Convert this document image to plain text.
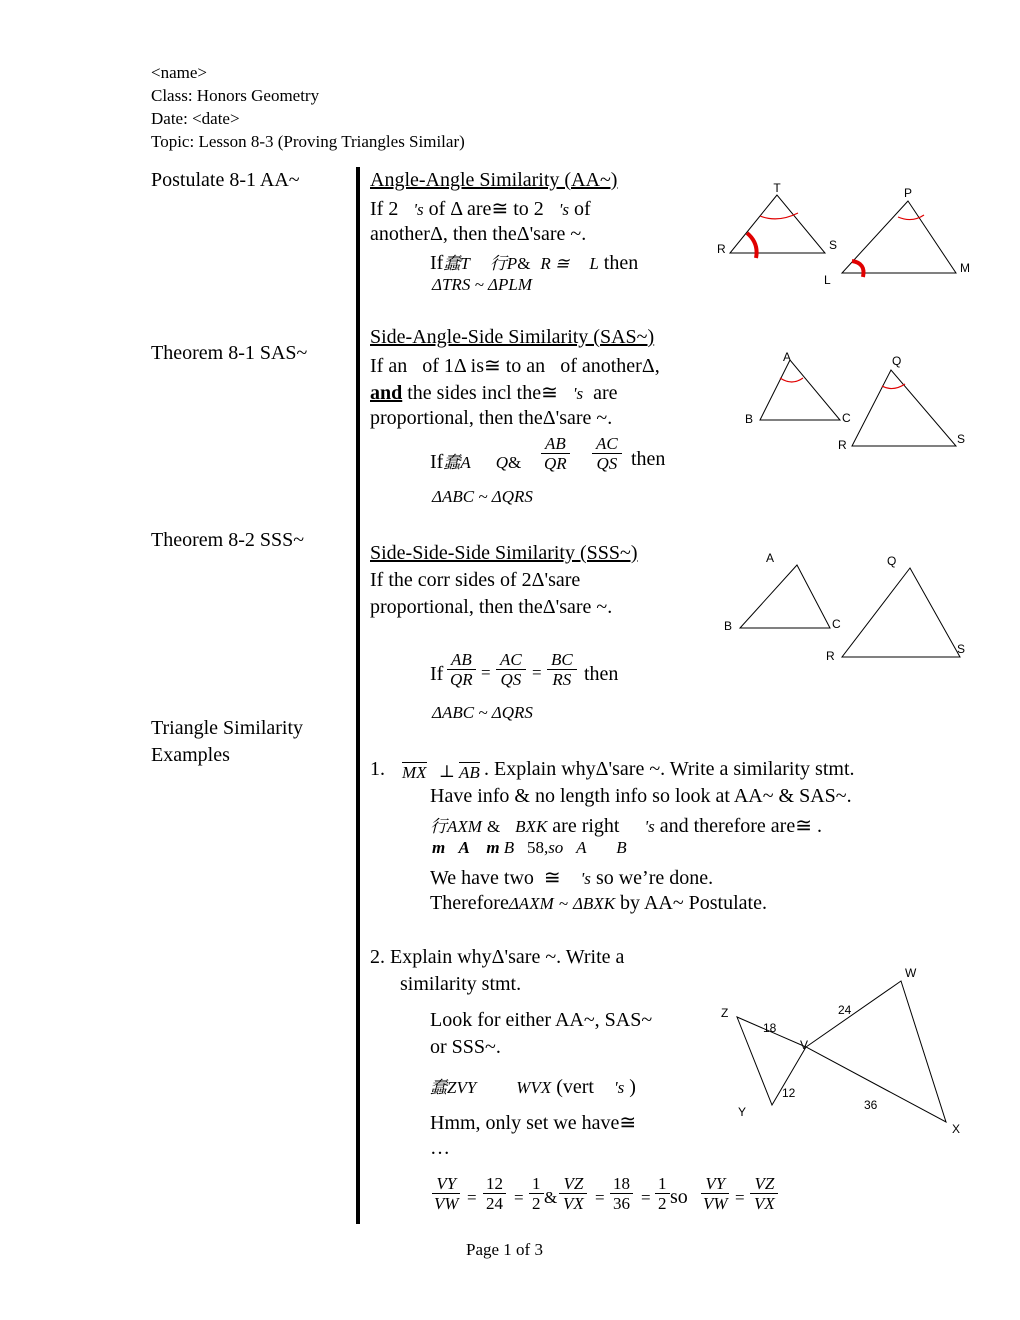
<name>
Class: Honors Geometry
Date: <date>
Topic: Lesson 8-3 (Proving Triangles Similar)
Postulate 8-1 AA~
Theorem 8-1 SAS~
Theorem 8-2 SSS~
Triangle Similarity
Examples
Angle-Angle Similarity (AA~)
If 2 's of Δ are≅ to 2 's of
anotherΔ, then theΔ'sare ~.
If蠢T 行P& R ≅ L then
ΔTRS ~ ΔPLM
T
R	S
P
L
M
Side-Angle-Side Similarity (SAS~)
If an of 1Δ is≅ to an of anotherΔ,
and the sides incl the≅ 's are
proportional, then theΔ'sare ~.
If蠢A Q& $\frac{AB}{QR} \frac{AC}{QS}$ then
ΔABC ~ ΔQRS
A
B	C
Q
R	S
Side-Side-Side Similarity (SSS~)
If the corr sides of 2Δ'sare
proportional, then theΔ'sare ~.
If $\frac{AB}{QR} = \frac{AC}{QS} = \frac{BC}{RS}$ then
ΔABC ~ ΔQRS
A
B	C
Q
R	S
1. MX ⊥ AB . Explain whyΔ'sare ~. Write a similarity stmt.
Have info & no length info so look at AA~ & SAS~.
行AXM & BXK are right 's and therefore are≅ .
m A  m B 58,so A B
We have two ≅ 's so we’re done.
ThereforeΔAXM ~ ΔBXK by AA~ Postulate.
2. Explain whyΔ'sare ~. Write a
similarity stmt.
Look for either AA~, SAS~
or SSS~.
蠢ZVY WVX (vert 's )
Hmm, only set we have≅
…
$\frac{VY}{VW} = \frac{12}{24} = \frac{1}{2}$ & $\frac{VZ}{VX} = \frac{18}{36} = \frac{1}{2}$ so $\frac{VY}{VW} = \frac{VZ}{VX}$
W
Z
V
Y
X
24
18
12
36
Page 1 of 3
